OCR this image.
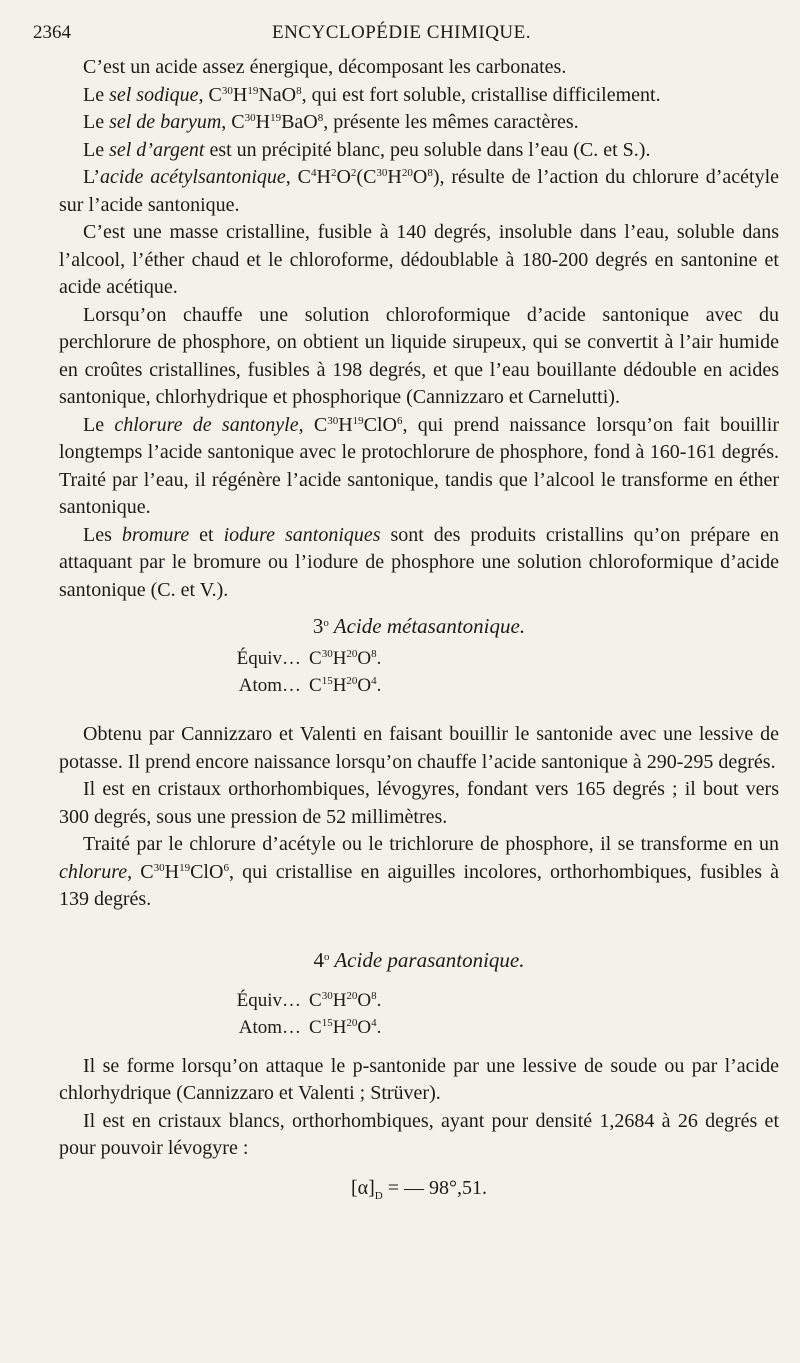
2364	ENCYCLOPÉDIE CHIMIQUE.

C’est un acide assez énergique, décomposant les carbonates.

Le sel sodique, $C^{30}H^{19}NaO^8$, qui est fort soluble, cristallise difficilement.

Le sel de baryum, $C^{30}H^{19}BaO^8$, présente les mêmes caractères.

Le sel d’argent est un précipité blanc, peu soluble dans l’eau (C. et S.).

L’acide acétylsantonique, $C^4H^2O^2(C^{30}H^{20}O^8)$, résulte de l’action du chlorure d’acétyle sur l’acide santonique.

C’est une masse cristalline, fusible à 140 degrés, insoluble dans l’eau, soluble dans l’alcool, l’éther chaud et le chloroforme, dédoublable à 180-200 degrés en santonine et acide acétique.

Lorsqu’on chauffe une solution chloroformique d’acide santonique avec du perchlorure de phosphore, on obtient un liquide sirupeux, qui se convertit à l’air humide en croûtes cristallines, fusibles à 198 degrés, et que l’eau bouillante dédouble en acides santonique, chlorhydrique et phosphorique (Cannizzaro et Carnelutti).

Le chlorure de santonyle, $C^{30}H^{19}ClO^6$, qui prend naissance lorsqu’on fait bouillir longtemps l’acide santonique avec le protochlorure de phosphore, fond à 160-161 degrés. Traité par l’eau, il régénère l’acide santonique, tandis que l’alcool le transforme en éther santonique.

Les bromure et iodure santoniques sont des produits cristallins qu’on prépare en attaquant par le bromure ou l’iodure de phosphore une solution chloroformique d’acide santonique (C. et V.).

3$^o$ Acide métasantonique.

Équiv… $C^{30}H^{20}O^8$.
Atom… $C^{15}H^{20}O^4$.

Obtenu par Cannizzaro et Valenti en faisant bouillir le santonide avec une lessive de potasse. Il prend encore naissance lorsqu’on chauffe l’acide santonique à 290-295 degrés.

Il est en cristaux orthorhombiques, lévogyres, fondant vers 165 degrés ; il bout vers 300 degrés, sous une pression de 52 millimètres.

Traité par le chlorure d’acétyle ou le trichlorure de phosphore, il se transforme en un chlorure, $C^{30}H^{19}ClO^6$, qui cristallise en aiguilles incolores, orthorhombiques, fusibles à 139 degrés.

4$^o$ Acide parasantonique.

Équiv… $C^{30}H^{20}O^8$.
Atom… $C^{15}H^{20}O^4$.

Il se forme lorsqu’on attaque le p-santonide par une lessive de soude ou par l’acide chlorhydrique (Cannizzaro et Valenti ; Strüver).

Il est en cristaux blancs, orthorhombiques, ayant pour densité 1,2684 à 26 degrés et pour pouvoir lévogyre :

$[\alpha]_D$ = — 98°,51.
